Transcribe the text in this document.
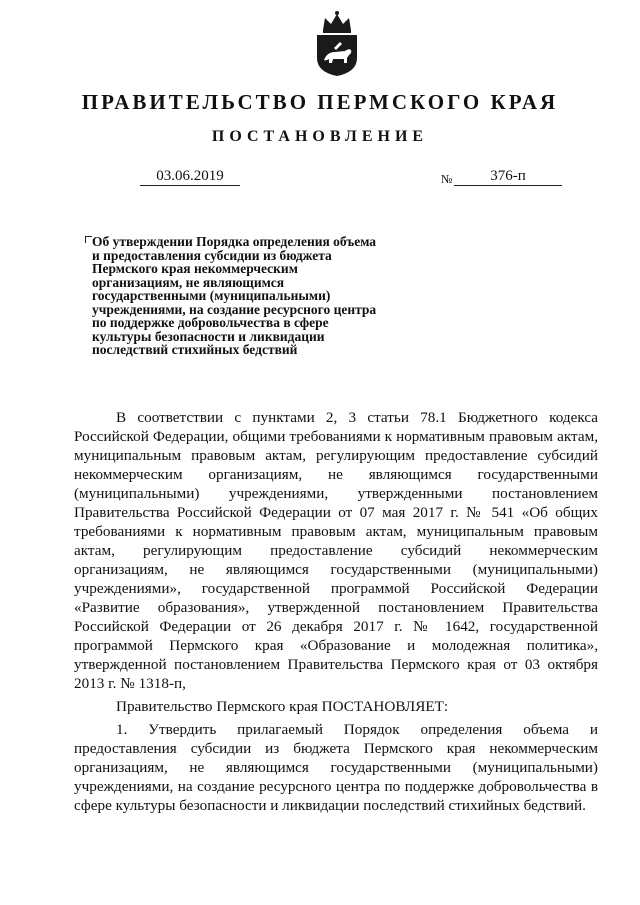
ПРАВИТЕЛЬСТВО ПЕРМСКОГО КРАЯ
ПОСТАНОВЛЕНИЕ
03.06.2019	№	376-п
Об утверждении Порядка определения объема и предоставления субсидии из бюджета Пермского края некоммерческим организациям, не являющимся государственными (муниципальными) учреждениями, на создание ресурсного центра по поддержке добровольчества в сфере культуры безопасности и ликвидации последствий стихийных бедствий

В соответствии с пунктами 2, 3 статьи 78.1 Бюджетного кодекса Российской Федерации, общими требованиями к нормативным правовым актам, муниципальным правовым актам, регулирующим предоставление субсидий некоммерческим организациям, не являющимся государственными (муниципальными) учреждениями, утвержденными постановлением Правительства Российской Федерации от 07 мая 2017 г. № 541 «Об общих требованиями к нормативным правовым актам, муниципальным правовым актам, регулирующим предоставление субсидий некоммерческим организациям, не являющимся государственными (муниципальными) учреждениями», государственной программой Российской Федерации «Развитие образования», утвержденной постановлением Правительства Российской Федерации от 26 декабря 2017 г. № 1642, государственной программой Пермского края «Образование и молодежная политика», утвержденной постановлением Правительства Пермского края от 03 октября 2013 г. № 1318-п,

Правительство Пермского края ПОСТАНОВЛЯЕТ:

1. Утвердить прилагаемый Порядок определения объема и предоставления субсидии из бюджета Пермского края некоммерческим организациям, не являющимся государственными (муниципальными) учреждениями, на создание ресурсного центра по поддержке добровольчества в сфере культуры безопасности и ликвидации последствий стихийных бедствий.
